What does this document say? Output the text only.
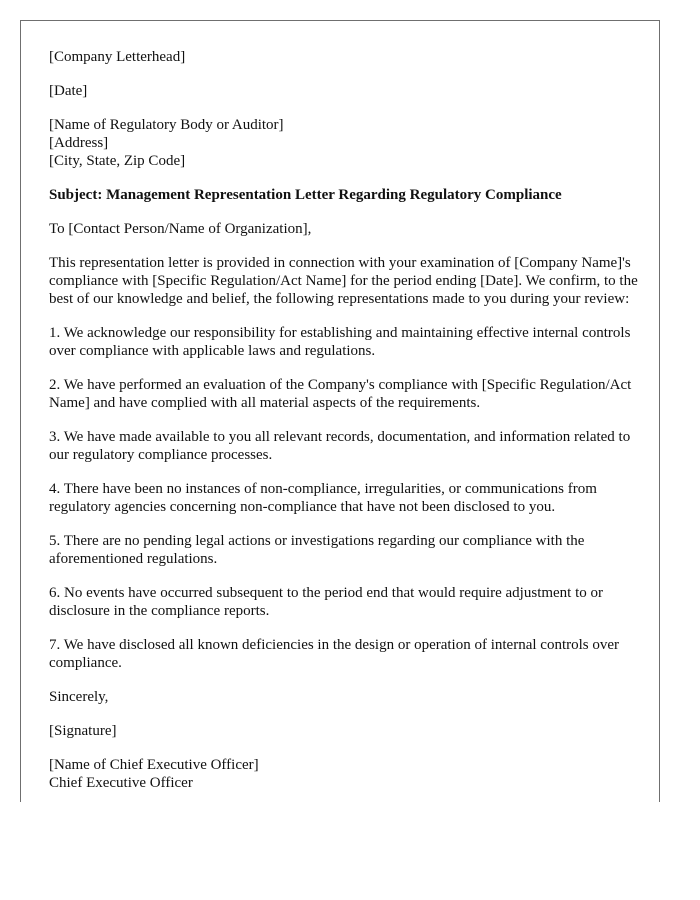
[Company Letterhead]

[Date]

[Name of Regulatory Body or Auditor]
[Address]
[City, State, Zip Code]

Subject: Management Representation Letter Regarding Regulatory Compliance

To [Contact Person/Name of Organization],

This representation letter is provided in connection with your examination of [Company Name]'s compliance with [Specific Regulation/Act Name] for the period ending [Date]. We confirm, to the best of our knowledge and belief, the following representations made to you during your review:

1. We acknowledge our responsibility for establishing and maintaining effective internal controls over compliance with applicable laws and regulations.

2. We have performed an evaluation of the Company's compliance with [Specific Regulation/Act Name] and have complied with all material aspects of the requirements.

3. We have made available to you all relevant records, documentation, and information related to our regulatory compliance processes.

4. There have been no instances of non-compliance, irregularities, or communications from regulatory agencies concerning non-compliance that have not been disclosed to you.

5. There are no pending legal actions or investigations regarding our compliance with the aforementioned regulations.

6. No events have occurred subsequent to the period end that would require adjustment to or disclosure in the compliance reports.

7. We have disclosed all known deficiencies in the design or operation of internal controls over compliance.

Sincerely,

[Signature]

[Name of Chief Executive Officer]
Chief Executive Officer
